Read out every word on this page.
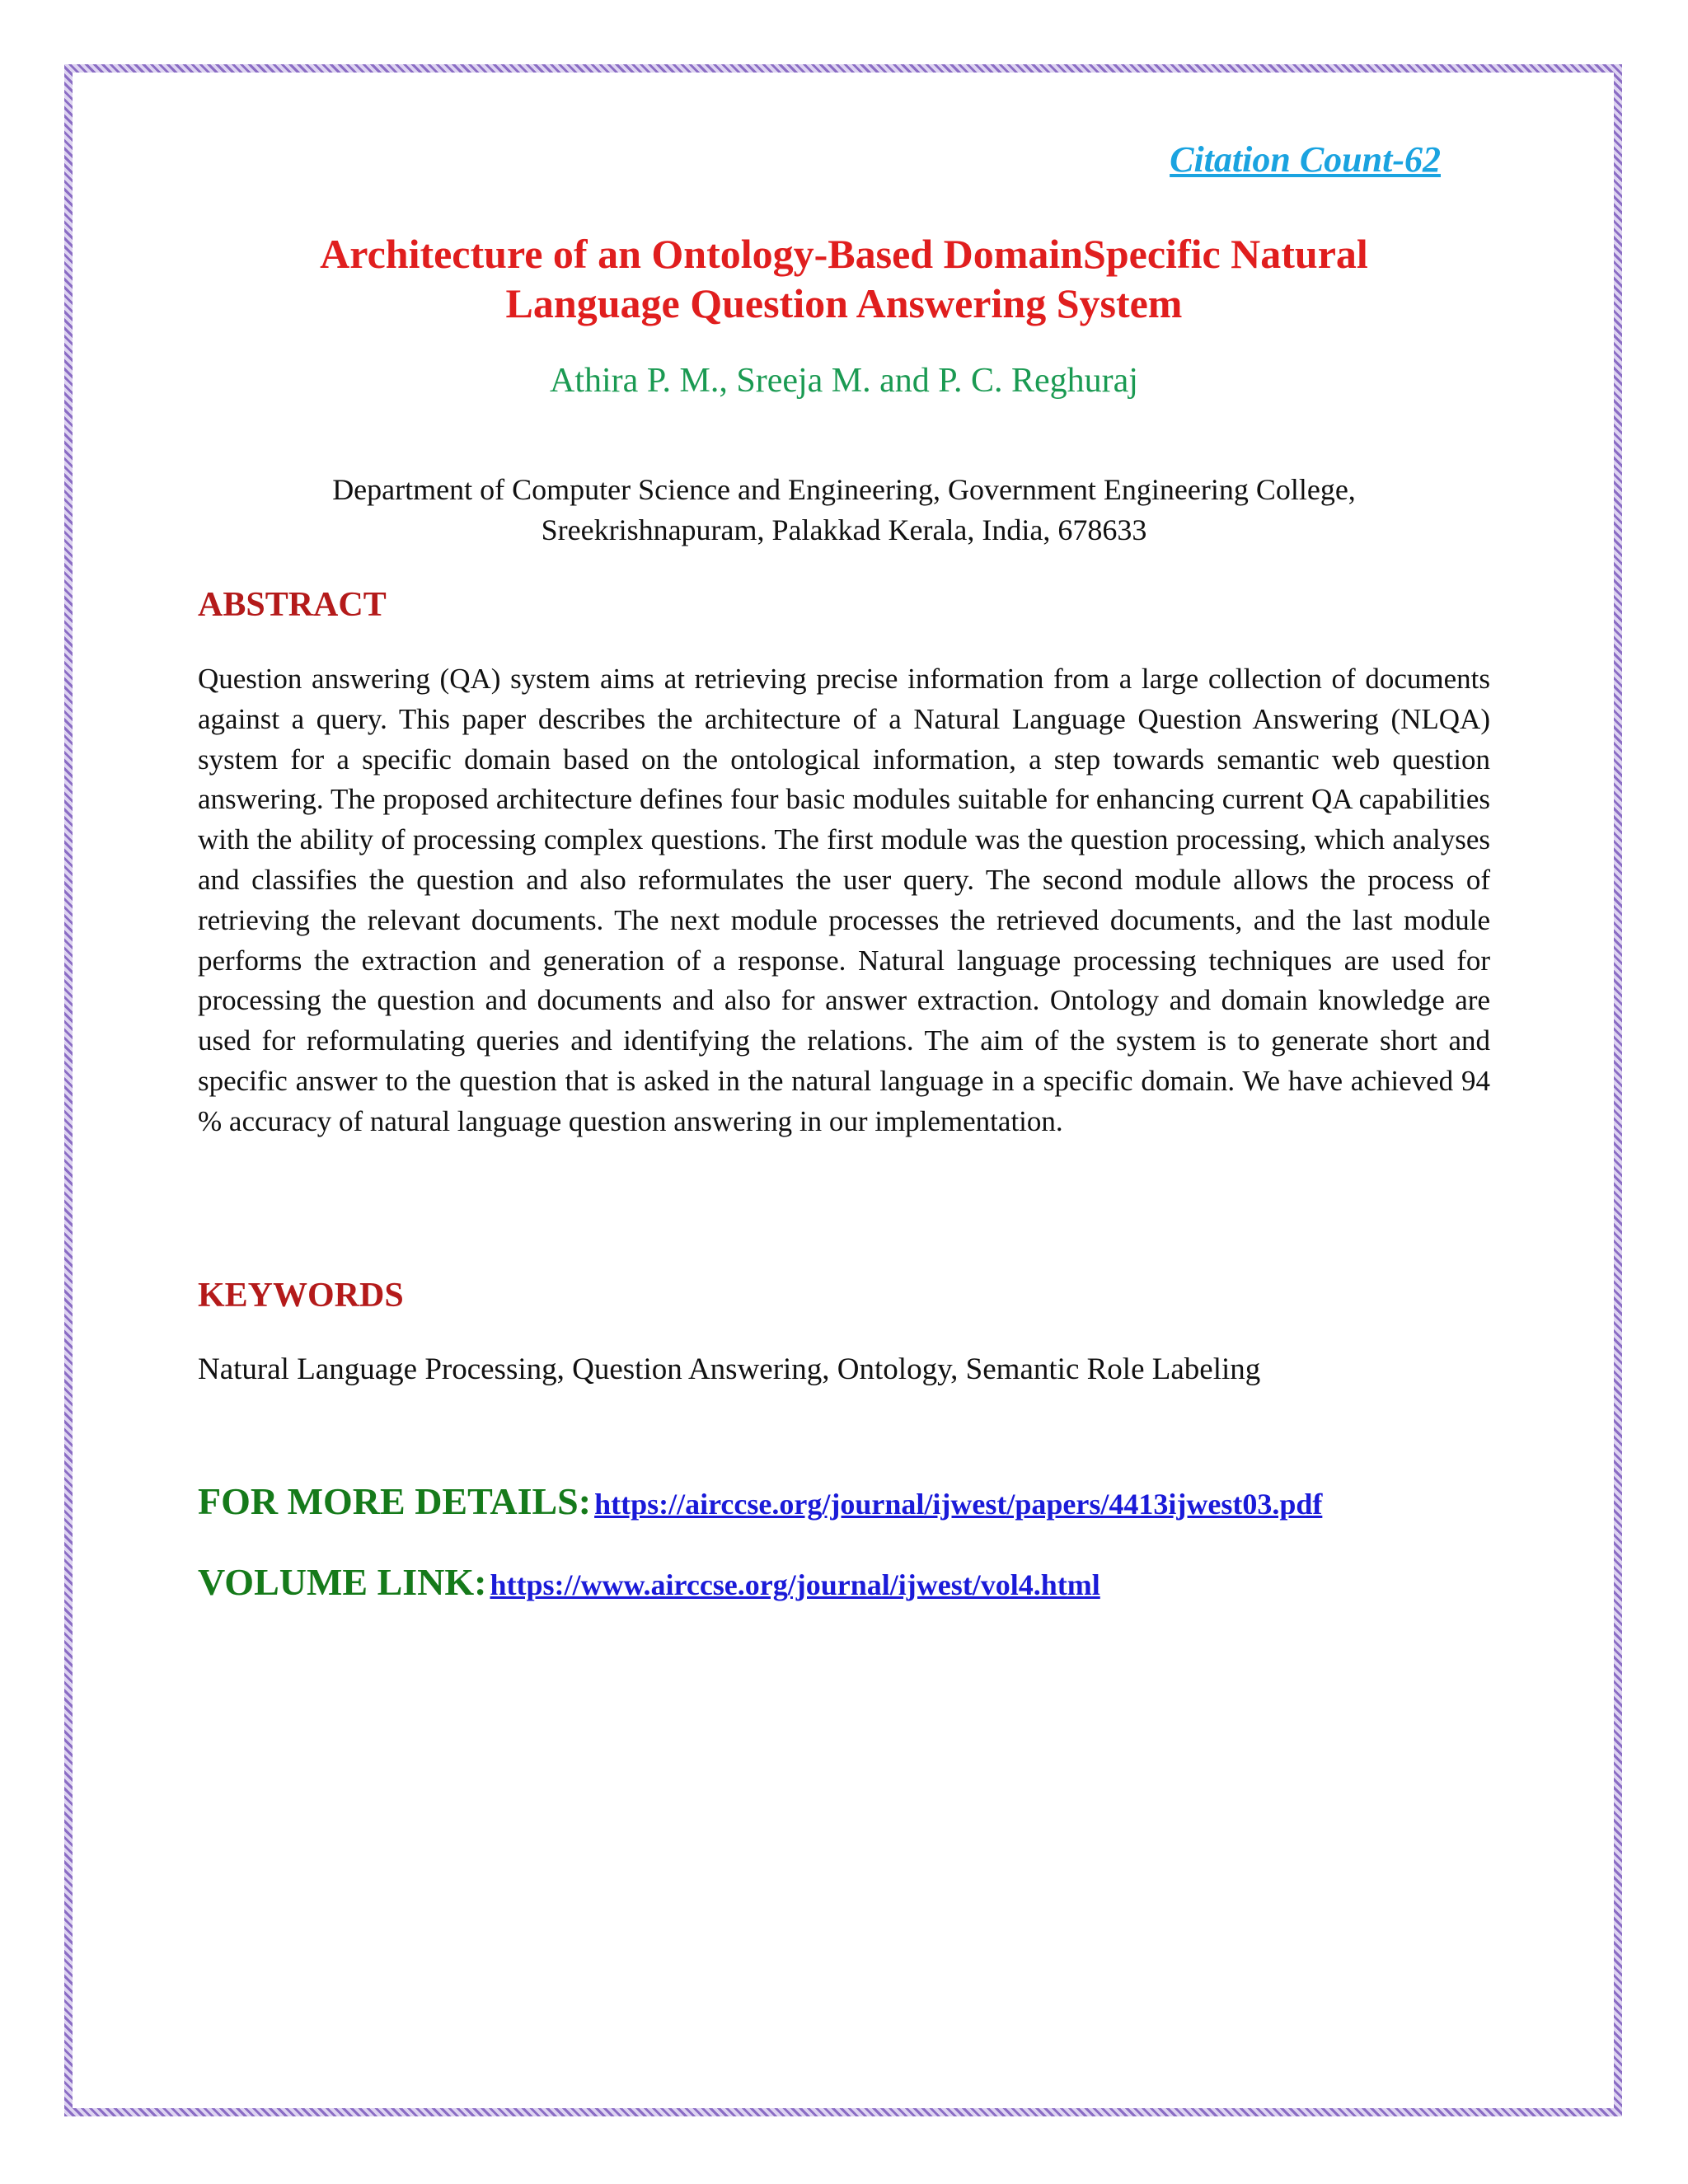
Citation Count-62
Architecture of an Ontology-Based DomainSpecific Natural
Language Question Answering System
Athira P. M., Sreeja M. and P. C. Reghuraj
Department of Computer Science and Engineering, Government Engineering College,
Sreekrishnapuram, Palakkad Kerala, India, 678633
ABSTRACT
Question answering (QA) system aims at retrieving precise information from a large collection of documents against a query. This paper describes the architecture of a Natural Language Question Answering (NLQA) system for a specific domain based on the ontological information, a step towards semantic web question answering. The proposed architecture defines four basic modules suitable for enhancing current QA capabilities with the ability of processing complex questions. The first module was the question processing, which analyses and classifies the question and also reformulates the user query. The second module allows the process of retrieving the relevant documents. The next module processes the retrieved documents, and the last module performs the extraction and generation of a response. Natural language processing techniques are used for processing the question and documents and also for answer extraction. Ontology and domain knowledge are used for reformulating queries and identifying the relations. The aim of the system is to generate short and specific answer to the question that is asked in the natural language in a specific domain. We have achieved 94 % accuracy of natural language question answering in our implementation.
KEYWORDS
Natural Language Processing, Question Answering, Ontology, Semantic Role Labeling
FOR MORE DETAILS: https://airccse.org/journal/ijwest/papers/4413ijwest03.pdf
VOLUME LINK: https://www.airccse.org/journal/ijwest/vol4.html
